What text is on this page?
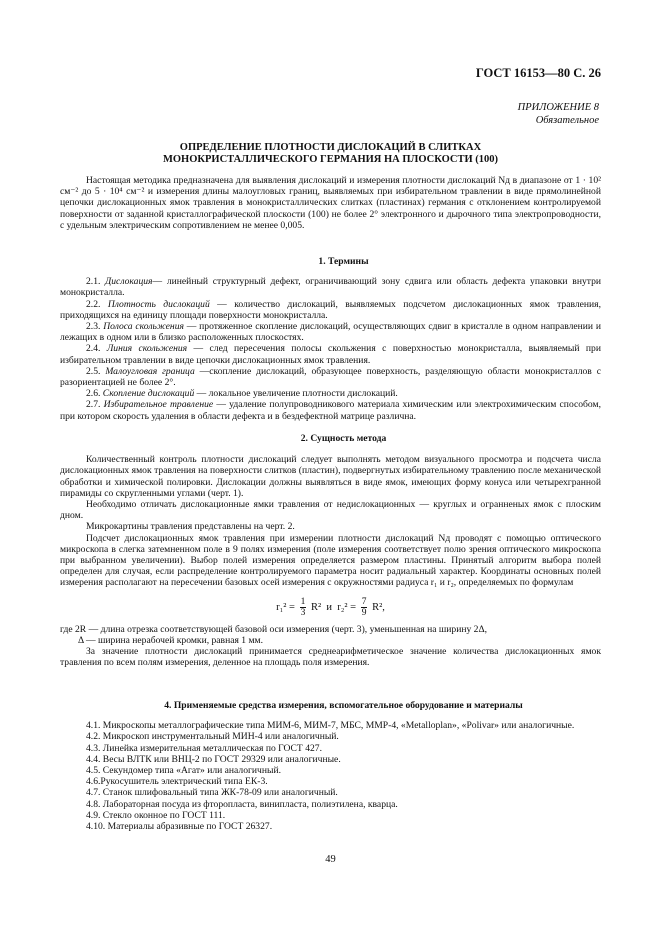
ГОСТ 16153—80 С. 26
ПРИЛОЖЕНИЕ 8
Обязательное
ОПРЕДЕЛЕНИЕ ПЛОТНОСТИ ДИСЛОКАЦИЙ В СЛИТКАХ
МОНОКРИСТАЛЛИЧЕСКОГО ГЕРМАНИЯ НА ПЛОСКОСТИ (100)

Настоящая методика предназначена для выявления дислокаций и измерения плотности дислокаций Nд в диапазоне от 1 · 10² см⁻² до 5 · 10⁴ см⁻² и измерения длины малоугловых границ, выявляемых при избирательном травлении в виде прямолинейной цепочки дислокационных ямок травления в монокристаллических слитках (пластинах) германия с отклонением контролируемой поверхности от заданной кристаллографической плоскости (100) не более 2° электронного и дырочного типа электропроводности, с удельным электрическим сопротивлением не менее 0,005.

1. Термины

2.1. Дислокация— линейный структурный дефект, ограничивающий зону сдвига или область дефекта упаковки внутри монокристалла.

2.2. Плотность дислокаций — количество дислокаций, выявляемых подсчетом дислокационных ямок травления, приходящихся на единицу площади поверхности монокристалла.

2.3. Полоса скольжения — протяженное скопление дислокаций, осуществляющих сдвиг в кристалле в одном направлении и лежащих в одном или в близко расположенных плоскостях.

2.4. Линия скольжения — след пересечения полосы скольжения с поверхностью монокристалла, выявляемый при избирательном травлении в виде цепочки дислокационных ямок травления.

2.5. Малоугловая граница —скопление дислокаций, образующее поверхность, разделяющую области монокристаллов с разориентацией не более 2°.

2.6. Скопление дислокаций — локальное увеличение плотности дислокаций.

2.7. Избирательное травление — удаление полупроводникового материала химическим или электрохимическим способом, при котором скорость удаления в области дефекта и в бездефектной матрице различна.

2. Сущность метода

Количественный контроль плотности дислокаций следует выполнять методом визуального просмотра и подсчета числа дислокационных ямок травления на поверхности слитков (пластин), подвергнутых избирательному травлению после механической обработки и химической полировки. Дислокации должны выявляться в виде ямок, имеющих форму конуса или четырехгранной пирамиды со скругленными углами (черт. 1).

Необходимо отличать дислокационные ямки травления от недислокационных — круглых и огранненых ямок с плоским дном.

Микрокартины травления представлены на черт. 2.

Подсчет дислокационных ямок травления при измерении плотности дислокаций Nд проводят с помощью оптического микроскопа в слегка затемненном поле в 9 полях измерения (поле измерения соответствует полю зрения оптического микроскопа при выбранном увеличении). Выбор полей измерения определяется размером пластины. Принятый алгоритм выбора полей определен для случая, если распределение контролируемого параметра носит радиальный характер. Координаты основных полей измерения располагают на пересечении базовых осей измерения с окружностями радиуса r₁ и r₂, определяемых по формулам

$r_1^2 = \frac{1}{3} R^2$ и $r_2^2 = \frac{7}{9} R^2$,

где 2R — длина отрезка соответствующей базовой оси измерения (черт. 3), уменьшенная на ширину 2Δ,

Δ — ширина нерабочей кромки, равная 1 мм.

За значение плотности дислокаций принимается среднеарифметическое значение количества дислокационных ямок травления по всем полям измерения, деленное на площадь поля измерения.

4. Применяемые средства измерения, вспомогательное оборудование и материалы

4.1. Микроскопы металлографические типа МИМ-6, МИМ-7, МБС, ММР-4, «Metalloplan», «Polivar» или аналогичные.

4.2. Микроскоп инструментальный МИН-4 или аналогичный.

4.3. Линейка измерительная металлическая по ГОСТ 427.

4.4. Весы ВЛТК или ВНЦ-2 по ГОСТ 29329 или аналогичные.

4.5. Секундомер типа «Агат» или аналогичный.

4.6.Рукосушитель электрический типа ЕК-3.

4.7. Станок шлифовальный типа ЖК-78-09 или аналогичный.

4.8. Лабораторная посуда из фторопласта, винипласта, полиэтилена, кварца.

4.9. Стекло оконное по ГОСТ 111.

4.10. Материалы абразивные по ГОСТ 26327.

49
